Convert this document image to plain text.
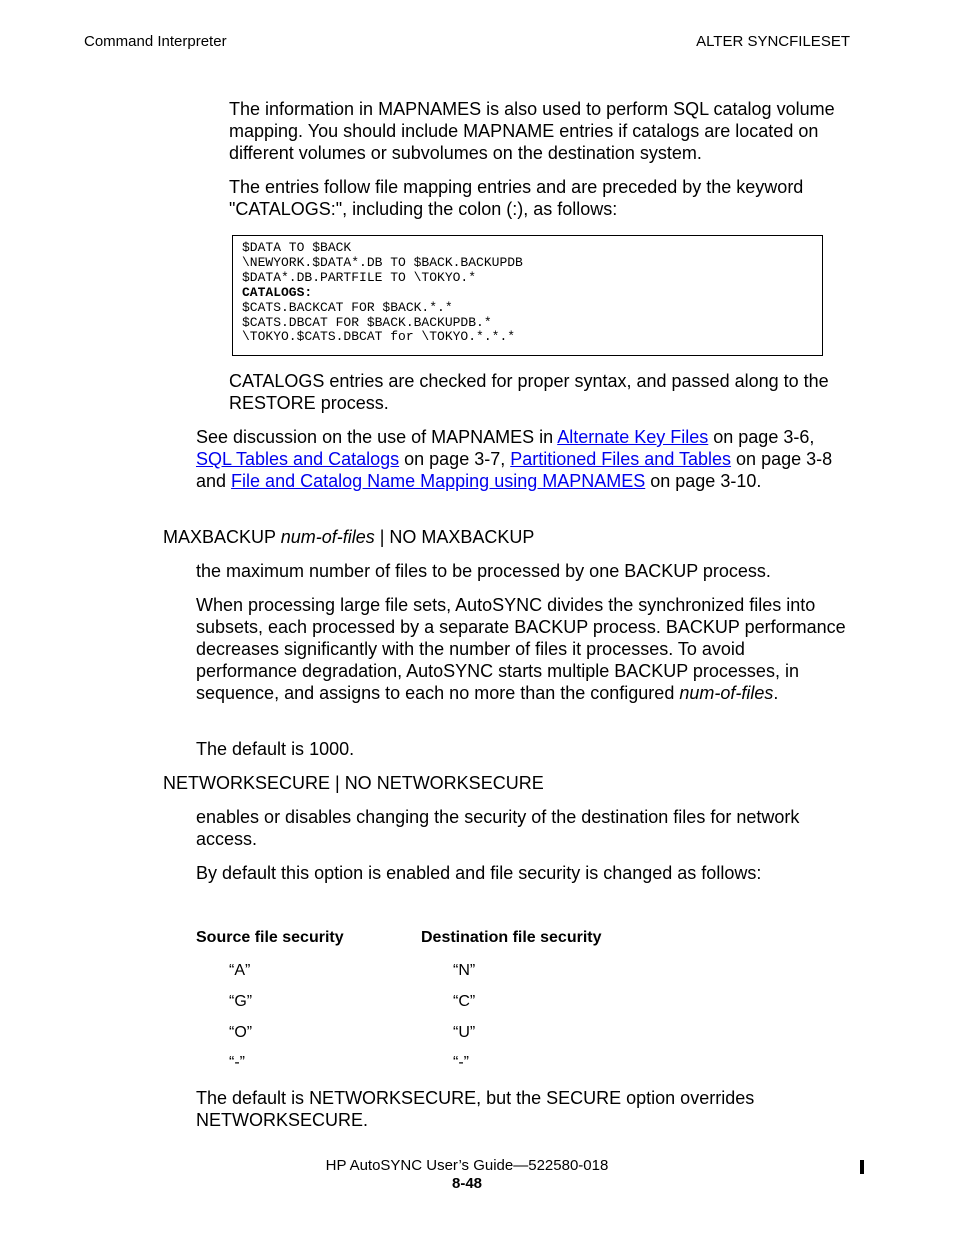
Command Interpreter	ALTER SYNCFILESET

The information in MAPNAMES is also used to perform SQL catalog volume mapping. You should include MAPNAME entries if catalogs are located on different volumes or subvolumes on the destination system.

The entries follow file mapping entries and are preceded by the keyword "CATALOGS:", including the colon (:), as follows:

$DATA TO $BACK
\NEWYORK.$DATA*.DB TO $BACK.BACKUPDB
$DATA*.DB.PARTFILE TO \TOKYO.*
CATALOGS:
$CATS.BACKCAT FOR $BACK.*.*
$CATS.DBCAT FOR $BACK.BACKUPDB.*
\TOKYO.$CATS.DBCAT for \TOKYO.*.*.*

CATALOGS entries are checked for proper syntax, and passed along to the RESTORE process.

See discussion on the use of MAPNAMES in Alternate Key Files on page 3-6, SQL Tables and Catalogs on page 3-7, Partitioned Files and Tables on page 3-8 and File and Catalog Name Mapping using MAPNAMES on page 3-10.

MAXBACKUP num-of-files | NO MAXBACKUP

the maximum number of files to be processed by one BACKUP process.

When processing large file sets, AutoSYNC divides the synchronized files into subsets, each processed by a separate BACKUP process. BACKUP performance decreases significantly with the number of files it processes. To avoid performance degradation, AutoSYNC starts multiple BACKUP processes, in sequence, and assigns to each no more than the configured num-of-files.

The default is 1000.

NETWORKSECURE | NO NETWORKSECURE

enables or disables changing the security of the destination files for network access.

By default this option is enabled and file security is changed as follows:

Source file security	Destination file security
“A”	“N”
“G”	“C”
“O”	“U”
“-”	“-”

The default is NETWORKSECURE, but the SECURE option overrides NETWORKSECURE.

HP AutoSYNC User’s Guide—522580-018
8-48
